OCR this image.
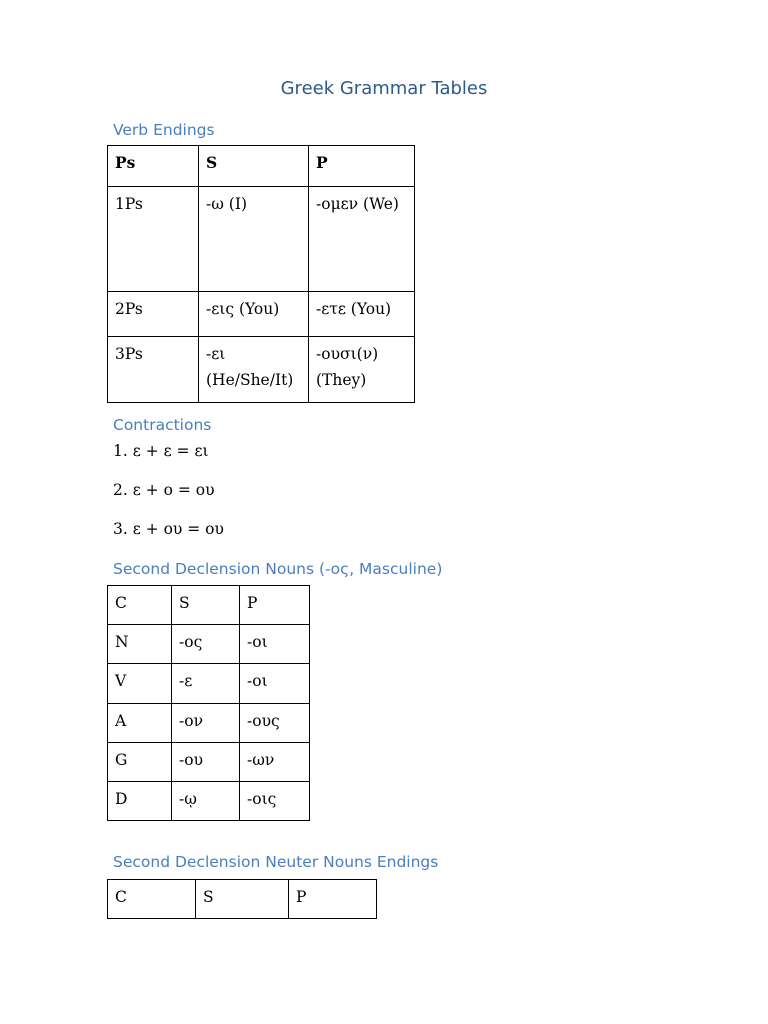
Greek Grammar Tables
Verb Endings
Ps	S	P
1Ps	-ω (I)	-ομεν (We)
2Ps	-εις (You)	-ετε (You)
3Ps	-ει (He/She/It)	-ουσι(ν) (They)
Contractions
1. ε + ε = ει
2. ε + ο = ου
3. ε + ου = ου
Second Declension Nouns (-ος, Masculine)
C	S	P
N	-ος	-οι
V	-ε	-οι
A	-ον	-ους
G	-ου	-ων
D	-ῳ	-οις
Second Declension Neuter Nouns Endings
C	S	P
